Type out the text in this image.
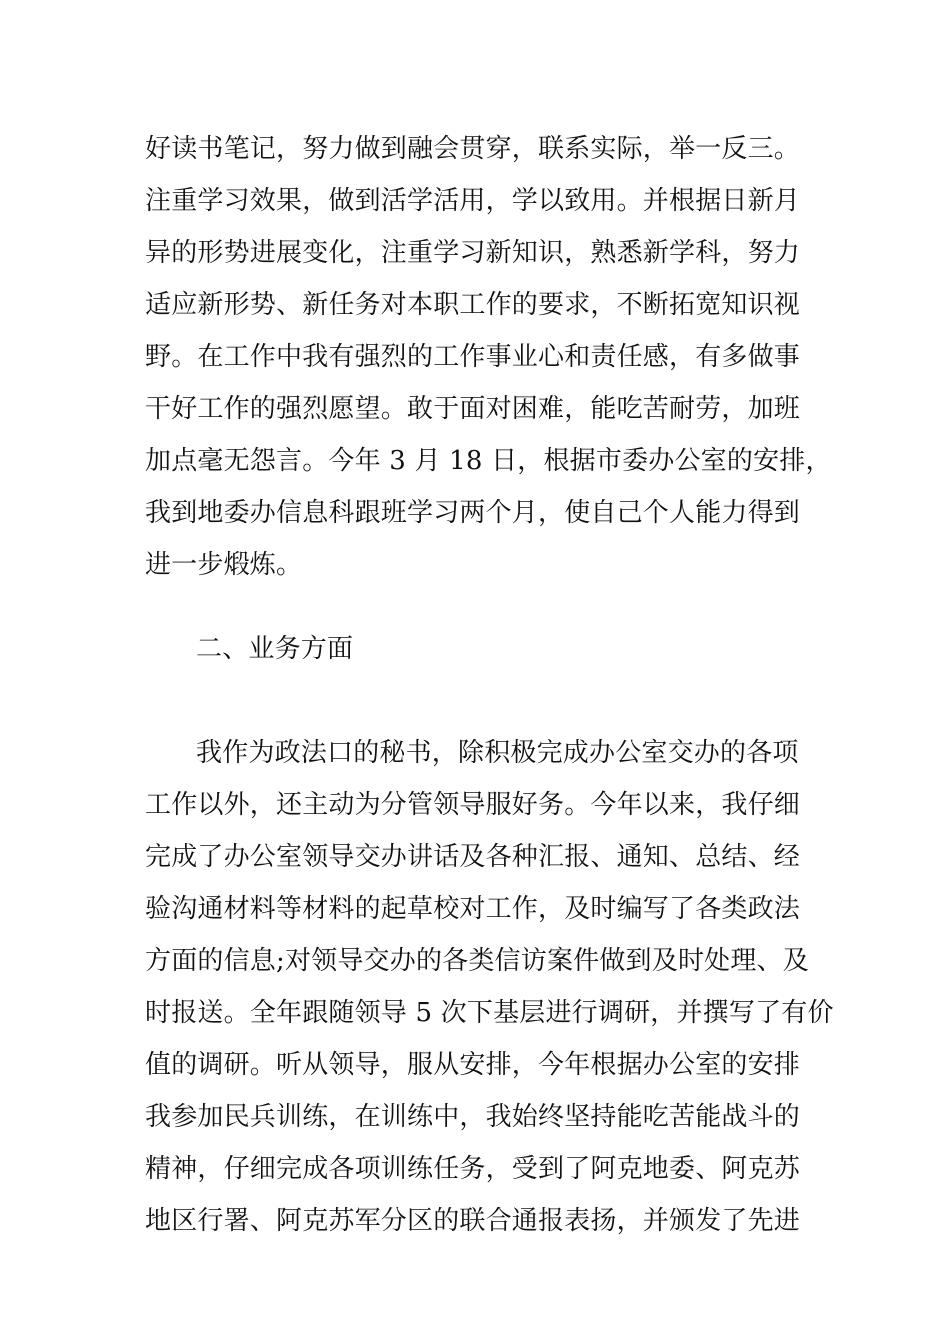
好读书笔记，努力做到融会贯穿，联系实际，举一反三。
注重学习效果，做到活学活用，学以致用。并根据日新月
异的形势进展变化，注重学习新知识，熟悉新学科，努力
适应新形势、新任务对本职工作的要求，不断拓宽知识视
野。在工作中我有强烈的工作事业心和责任感，有多做事
干好工作的强烈愿望。敢于面对困难，能吃苦耐劳，加班
加点毫无怨言。今年 3 月 18 日，根据市委办公室的安排，
我到地委办信息科跟班学习两个月，使自己个人能力得到
进一步煅炼。
二、业务方面
我作为政法口的秘书，除积极完成办公室交办的各项
工作以外，还主动为分管领导服好务。今年以来，我仔细
完成了办公室领导交办讲话及各种汇报、通知、总结、经
验沟通材料等材料的起草校对工作，及时编写了各类政法
方面的信息;对领导交办的各类信访案件做到及时处理、及
时报送。全年跟随领导 5 次下基层进行调研，并撰写了有价
值的调研。听从领导，服从安排，今年根据办公室的安排
我参加民兵训练，在训练中，我始终坚持能吃苦能战斗的
精神，仔细完成各项训练任务，受到了阿克地委、阿克苏
地区行署、阿克苏军分区的联合通报表扬，并颁发了先进
